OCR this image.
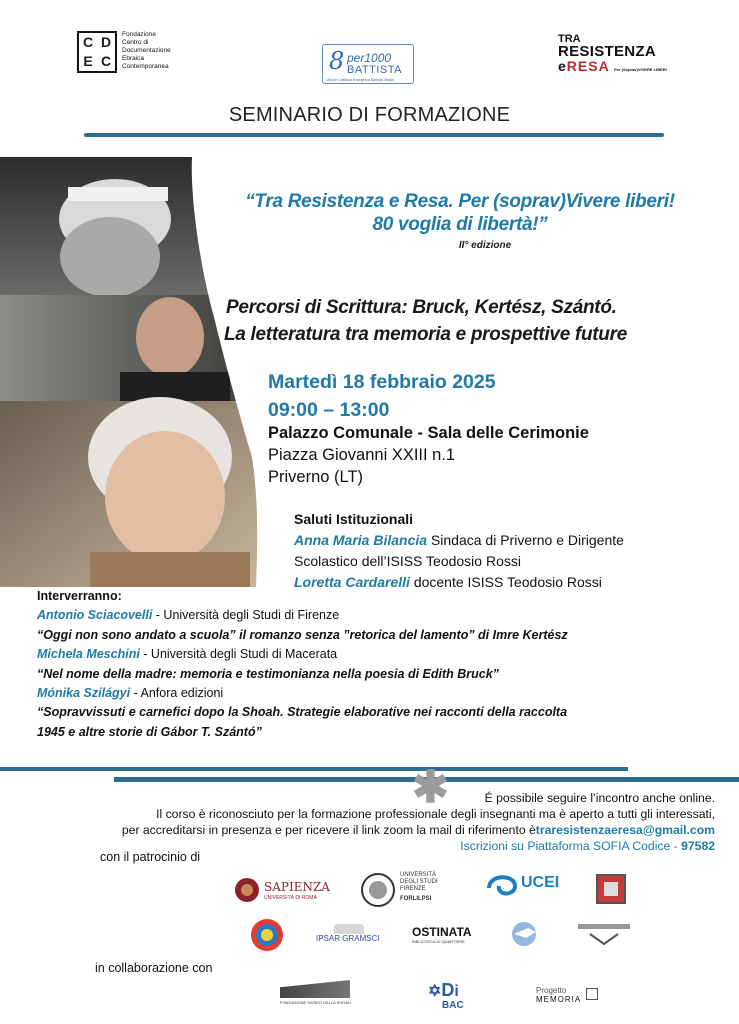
C D
E C
Fondazione
Centro di
Documentazione
Ebraica
Contemporanea	8 per1000
BATTISTA
Unione Cristiana Evangelica Battista d'Italia
TRA
RESISTENZA
eRESA Per (Soprav)VIVERE LIBERI
SEMINARIO DI FORMAZIONE
“Tra Resistenza e Resa. Per (soprav)Vivere liberi!
80 voglia di libertà!”
II° edizione
Percorsi di Scrittura: Bruck, Kertész, Szántó.
La letteratura tra memoria e prospettive future
Martedì 18 febbraio 2025
09:00 – 13:00
Palazzo Comunale - Sala delle Cerimonie
Piazza Giovanni XXIII n.1
Priverno (LT)
Saluti Istituzionali
Anna Maria Bilancia Sindaca di Priverno e Dirigente
Scolastico dell’ISISS Teodosio Rossi
Loretta Cardarelli docente ISISS Teodosio Rossi
Interverranno:
Antonio Sciacovelli - Università degli Studi di Firenze
“Oggi non sono andato a scuola” il romanzo senza ”retorica del lamento” di Imre Kertész
Michela Meschini - Università degli Studi di Macerata
“Nel nome della madre: memoria e testimonianza nella poesia di Edith Bruck”
Mónika Szilágyi - Anfora edizioni
“Sopravvissuti e carnefici dopo la Shoah. Strategie elaborative nei racconti della raccolta
1945 e altre storie di Gábor T. Szántó”
✱	É possibile seguire l’incontro anche online.
Il corso è riconosciuto per la formazione professionale degli insegnanti ma è aperto a tutti gli interessati,
per accreditarsi in presenza e per ricevere il link zoom la mail di riferimento ètraresistenzaeresa@gmail.com
Iscrizioni su Piattaforma SOFIA Codice - 97582
con il patrocinio di
SAPIENZA
UNIVERSITÀ DI ROMA
UNIVERSITÀ
DEGLI STUDI
FIRENZE
FORLILPSI
UCEI
IPSAR GRAMSCI	OSTINATA
BIBLIOTECA DI QUARTIERE
in collaborazione con
FONDAZIONE MUSEO DELLA SHOAH
✡Di
BAC
Progetto
MEMORIA
